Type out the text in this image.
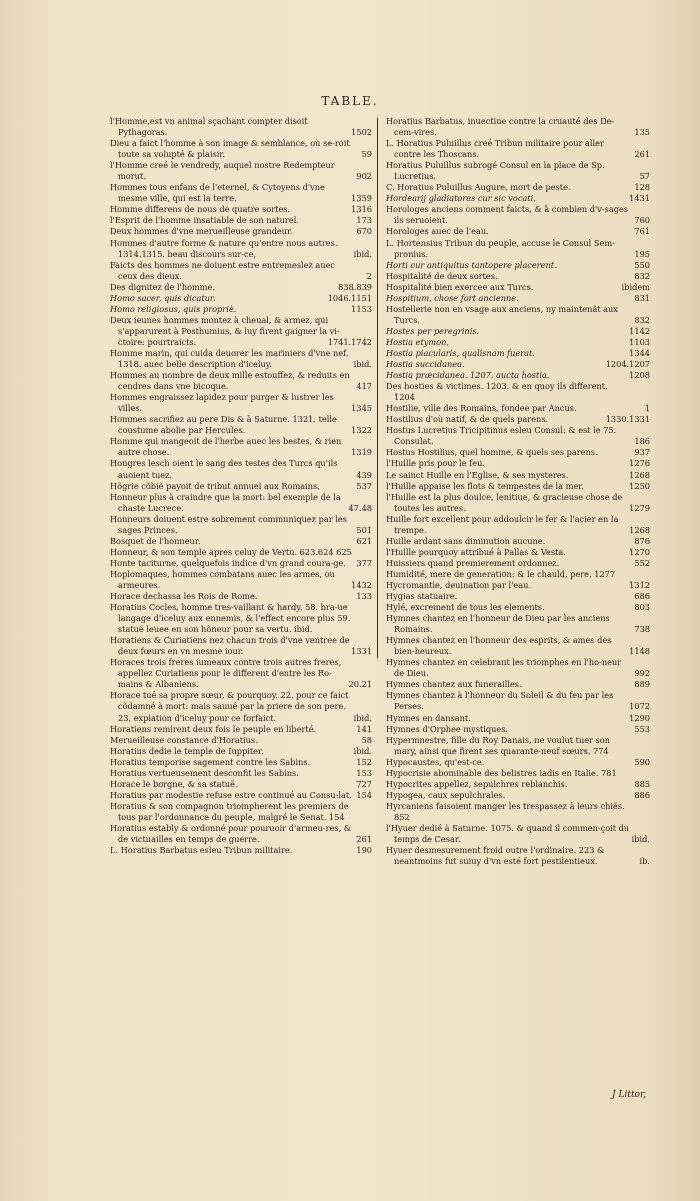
TABLE.
l'Homme,est vn animal sçachant compter disoit Pythagoras.	1502
Dieu a faict l'homme à son image & semblance, où se-roit toute sa volupté & plaisir.	59
l'Homme creé le vendredy, auquel nostre Redempteur morut.	902
Hommes tous enfans de l'eternel, & Cytoyens d'vne mesme ville, qui est la terre.	1359
Homme differens de nous de quatre sortes.	1316
l'Esprit de l'homme insatiable de son naturel.	173
Deux hommes d'vne merueilleuse grandeur.	670
Hommes d'autre forme & nature qu'entre nous autres. 1314.1315. beau discours sur-ce,	ibid.
Faicts des hommes ne doiuent estre entremeslez auec ceux des dieux.	2
Des dignitez de l'homme.	838.839
Homo sacer, quis dicatur.	1046.1151
Homo religiosus, quis propriè.	1153
Deux ieunes hommes montez à cheual, & armez, qui s'apparurent à Posthumius, & luy firent gaigner la vi-ctoire: pourtraicts.	1741.1742
Homme marin, qui cuida deuorer les mariniers d'vne nef. 1318. auec belle description d'iceluy.	ibid.
Hommes au nombre de deux mille estouffez, & reduits en cendres dans vne bicoque.	417
Hommes engraissez lapidez pour purger & lustrer les villes.	1345
Hommes sacrifiez au pere Dis & à Saturne. 1321. telle coustume abolie par Hercules.	1322
Homme qui mangeoit de l'herbe auec les bestes, & rien autre chose.	1319
Hongres lesch oient le sang des testes des Turcs qu'ils auoient tuez.	439
Hõgrie cõbiẽ payoit de tribut annuel aux Romains.	537
Honneur plus à craindre que la mort: bel exemple de la chaste Lucrece.	47.48
Honneurs doiuent estre sobrement communiquez par les sages Princes.	501
Bosquet de l'honneur.	621
Honneur, & son temple apres celuy de Vertu. 623.624 625
Honte taciturne, quelquefois indice d'vn grand coura-ge. 377
Hoplomaques, hommes combatans auec les armes, ou armeures.	1432
Horace dechassa les Rois de Rome.	133
Horatius Cocles, homme tres-vaillant & hardy. 58. bra-ue langage d'iceluy aux ennemis, & l'effect encore plus 59. statuë leuee en son hõneur pour sa vertu. ibid.
Horatiens & Curiatiens nez chacun trois d'vne ventree de deux fœurs en vn mesme iour.	1331
Horaces trois freres iumeaux contre trois autres freres, appellez Curiatiens pour le different d'entre les Ro-mains & Albaniens.	20.21
Horace tué sa propre sœur, & pourquoy. 22. pour ce faict cõdamné à mort: mais sauué par la priere de son pere. 23. expiation d'iceluy pour ce forfaict.	ibid.
Horatiens remirent deux fois le peuple en liberté.	141
Merueilleuse constance d'Horatius.	58
Horatius dedie le temple de Iuppiter.	ibid.
Horatius temporise sagement contre les Sabins.	152
Horatius vertueusement desconfit les Sabins.	153
Horace le borgne, & sa statuë.	727
Horatius par modestie refuse estre continué au Consu-lat. 154
Horatius & son compagnon triompherent les premiers de tous par l'ordonnance du peuple, malgré le Senat. 154
Horatius estably & ordonné pour pouruoir d'armeu-res, & de victuailles en temps de guerre.	261
L. Horatius Barbatus esleu Tribun militaire.	190
Horatius Barbatus, inuectiue contre la cruauté des De-cem-vires.	135
L. Horatius Puluillus creé Tribun militaire pour aller contre les Thoscans.	261
Horatius Puluillus subrogé Consul en la place de Sp. Lucretius.	57
C. Horatius Puluillus Augure, mort de peste.	128
Hordearij gladiatores cur sic vocati.	1431
Horologes anciens comment faicts, & à combien d'v-sages ils seruoient.	760
Horologes auec de l'eau.	761
L. Hortensius Tribun du peuple, accuse le Consul Sem-pronius.	195
Horti cur antiquitus tantopere placerent.	550
Hospitalité de deux sortes.	832
Hospitalité bien exercee aux Turcs.	ibidem
Hospitium, chose fort ancienne.	831
Hostellerie non en vsage aux anciens, ny maintenãt aux Turcs.	832
Hostes per peregrinis.	1142
Hostia etymon,	1103
Hostia piacularis, qualisnam fuerat.	1344
Hostia succidanea.	1204.1207
Hostia præcidanea. 1207. aucta hostia.	1208
Des hosties & victimes. 1203. & en quoy ils different. 1204
Hostilie, ville des Romains, fondee par Ancus.	1
Hostilius d'où natif, & de quels parens.	1330.1331
Hostus Lucretius Tricipitinus esleu Consul: & est le 75. Consulat.	186
Hostus Hostilius, quel homme, & quels ses parens.	937
l'Huille pris pour le feu.	1276
Le sainct Huille en l'Eglise, & ses mysteres.	1268
l'Huille appaise les flots & tempestes de la mer.	1250
l'Huille est la plus doulce, lenitiue, & gracieuse chose de toutes les autres.	1279
Huille fort excellent pour addoulcir le fer & l'acier en la trempe.	1268
Huille ardant sans diminution aucune.	876
l'Huille pourquoy attribué à Pallas & Vesta.	1270
Huissiers quand premierement ordonnez.	552
Humidité, mere de generation: & le chauld, pere. 1277
Hycromantie, deuination par l'eau.	1312
Hygias statuaire.	686
Hylé, excrement de tous les elements.	803
Hymnes chantez en l'honneur de Dieu par les anciens Romains.	738
Hymnes chantez en l'honneur des esprits, & ames des bien-heureux.	1148
Hymnes chantez en celebrant les triomphes en l'ho-neur de Dieu.	992
Hymnes chantez aux funerailles.	889
Hymnes chantez à l'honneur du Soleil & du feu par les Perses.	1072
Hymnes en dansant.	1290
Hymnes d'Orphee mystiques.	553
Hypermnestre, fille du Roy Danais, ne voulut tuer son mary, ainsi que firent ses quarante-neuf sœurs. 774
Hypocaustes, qu'est-ce.	590
Hypocrisie abominable des belistres iadis en Italie. 781
Hypocrites appellez, sepulchres reblanchis.	885
Hypogea, caux sepulchrales.	886
Hyrcaniens faisoient manger les trespassez à leurs chiẽs. 852
l'Hyuer dedié à Saturne. 1075. & quand il commen-çoit du temps de Cesar.	ibid.
Hyuer desmesurement froid outre l'ordinaire. 223 & neantmoins fut suiuy d'vn esté fort pestilentieux.	ib.
J Littor,
